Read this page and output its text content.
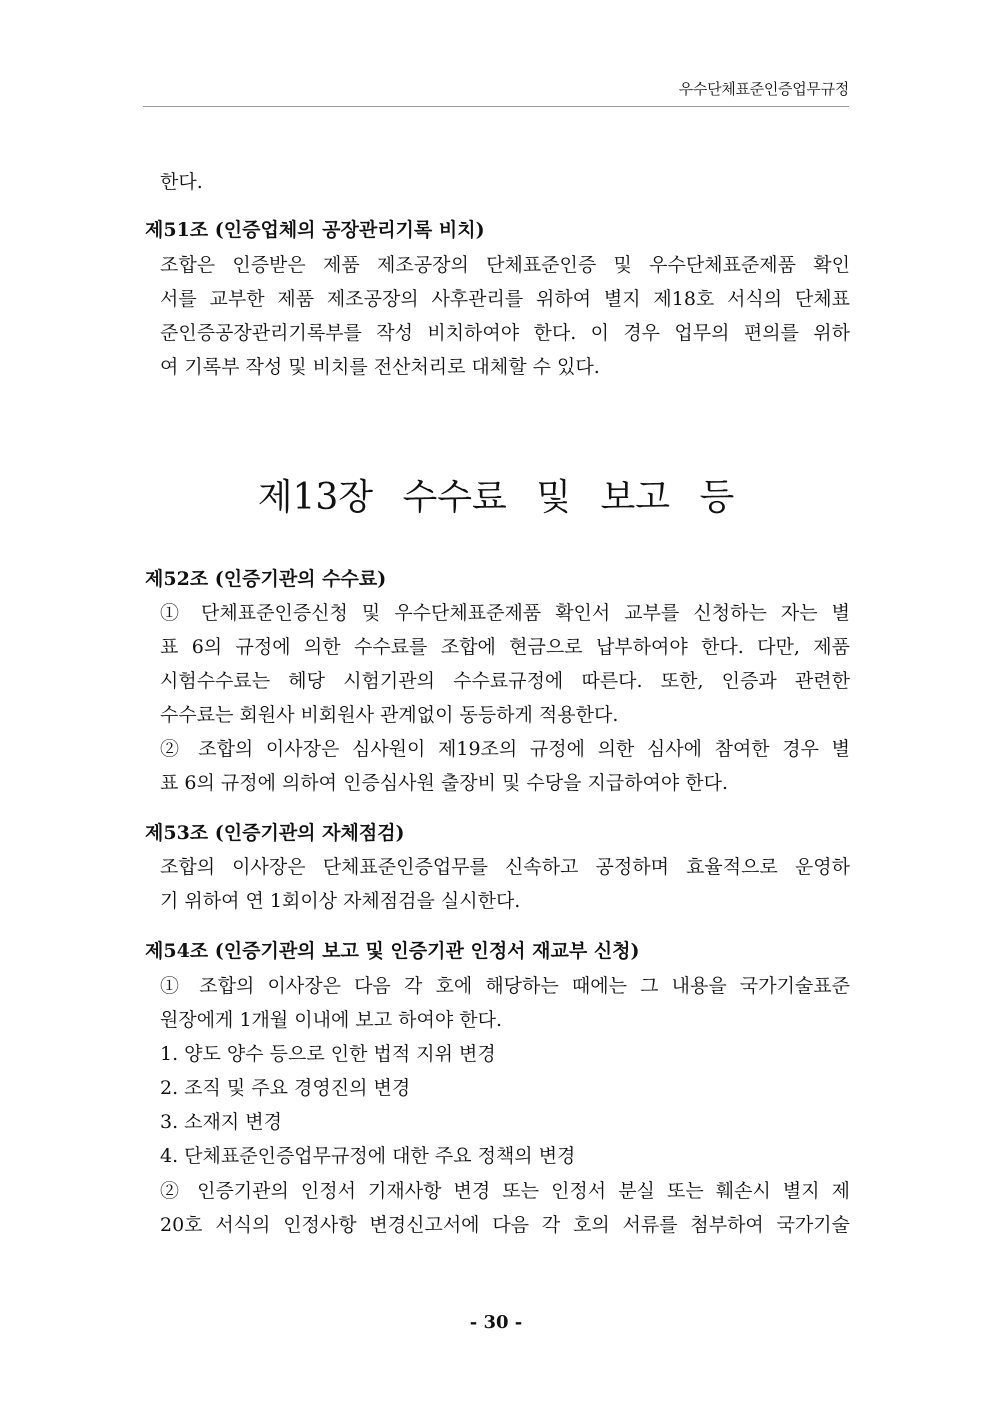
우수단체표준인증업무규정
한다.
제51조 (인증업체의 공장관리기록 비치)
조합은 인증받은 제품 제조공장의 단체표준인증 및 우수단체표준제품 확인
서를 교부한 제품 제조공장의 사후관리를 위하여 별지 제18호 서식의 단체표
준인증공장관리기록부를 작성 비치하여야 한다. 이 경우 업무의 편의를 위하
여 기록부 작성 및 비치를 전산처리로 대체할 수 있다.
제13장 수수료 및 보고 등
제52조 (인증기관의 수수료)
① 단체표준인증신청 및 우수단체표준제품 확인서 교부를 신청하는 자는 별
표 6의 규정에 의한 수수료를 조합에 현금으로 납부하여야 한다. 다만, 제품
시험수수료는 헤당 시험기관의 수수료규정에 따른다. 또한, 인증과 관련한
수수료는 회원사 비회원사 관계없이 동등하게 적용한다.
② 조합의 이사장은 심사원이 제19조의 규정에 의한 심사에 참여한 경우 별
표 6의 규정에 의하여 인증심사원 출장비 및 수당을 지급하여야 한다.
제53조 (인증기관의 자체점검)
조합의 이사장은 단체표준인증업무를 신속하고 공정하며 효율적으로 운영하
기 위하여 연 1회이상 자체점검을 실시한다.
제54조 (인증기관의 보고 및 인증기관 인정서 재교부 신청)
① 조합의 이사장은 다음 각 호에 해당하는 때에는 그 내용을 국가기술표준
원장에게 1개월 이내에 보고 하여야 한다.
1. 양도 양수 등으로 인한 법적 지위 변경
2. 조직 및 주요 경영진의 변경
3. 소재지 변경
4. 단체표준인증업무규정에 대한 주요 정책의 변경
② 인증기관의 인정서 기재사항 변경 또는 인정서 분실 또는 훼손시 별지 제
20호 서식의 인정사항 변경신고서에 다음 각 호의 서류를 첨부하여 국가기술
- 30 -
